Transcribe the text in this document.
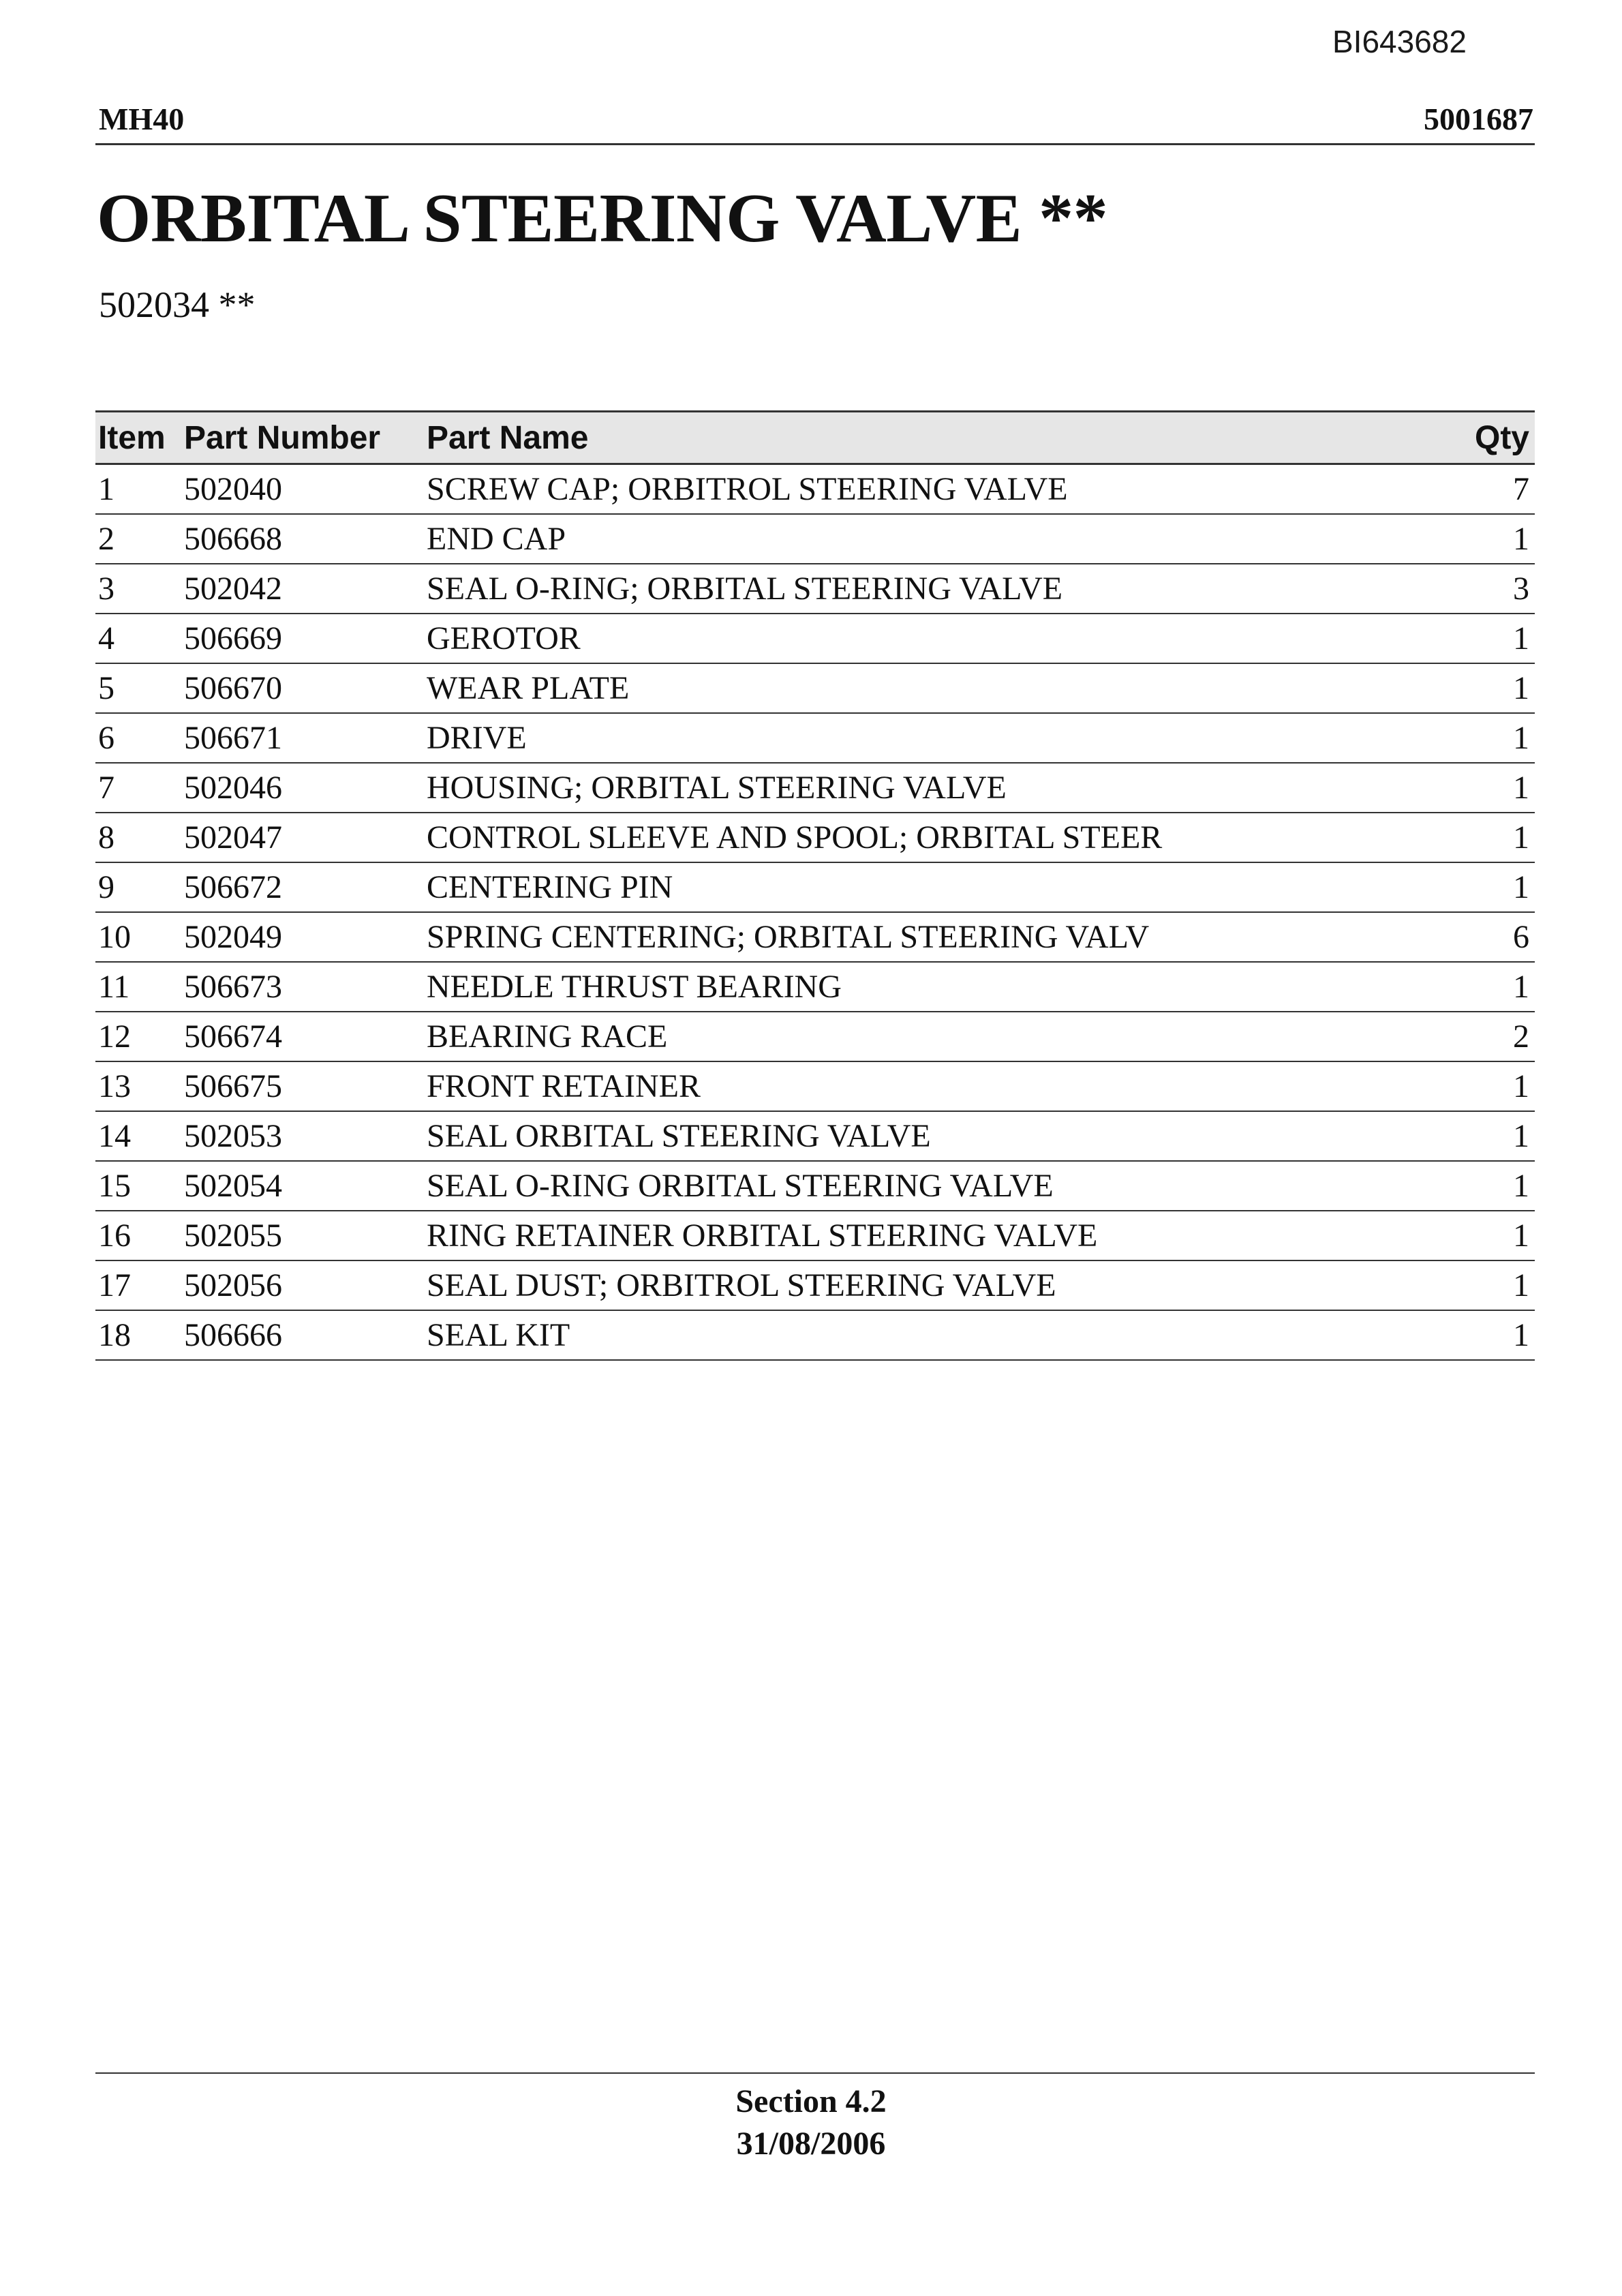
BI643682
MH40	5001687
ORBITAL STEERING VALVE **
502034 **
Item	Part Number	Part Name	Qty
1	502040	SCREW CAP; ORBITROL STEERING VALVE	7
2	506668	END CAP	1
3	502042	SEAL O-RING; ORBITAL STEERING VALVE	3
4	506669	GEROTOR	1
5	506670	WEAR PLATE	1
6	506671	DRIVE	1
7	502046	HOUSING; ORBITAL STEERING VALVE	1
8	502047	CONTROL SLEEVE AND SPOOL; ORBITAL STEER	1
9	506672	CENTERING PIN	1
10	502049	SPRING CENTERING; ORBITAL STEERING VALV	6
11	506673	NEEDLE THRUST BEARING	1
12	506674	BEARING RACE	2
13	506675	FRONT RETAINER	1
14	502053	SEAL ORBITAL STEERING VALVE	1
15	502054	SEAL O-RING ORBITAL STEERING VALVE	1
16	502055	RING RETAINER ORBITAL STEERING VALVE	1
17	502056	SEAL DUST; ORBITROL STEERING VALVE	1
18	506666	SEAL KIT	1
Section 4.2
31/08/2006
